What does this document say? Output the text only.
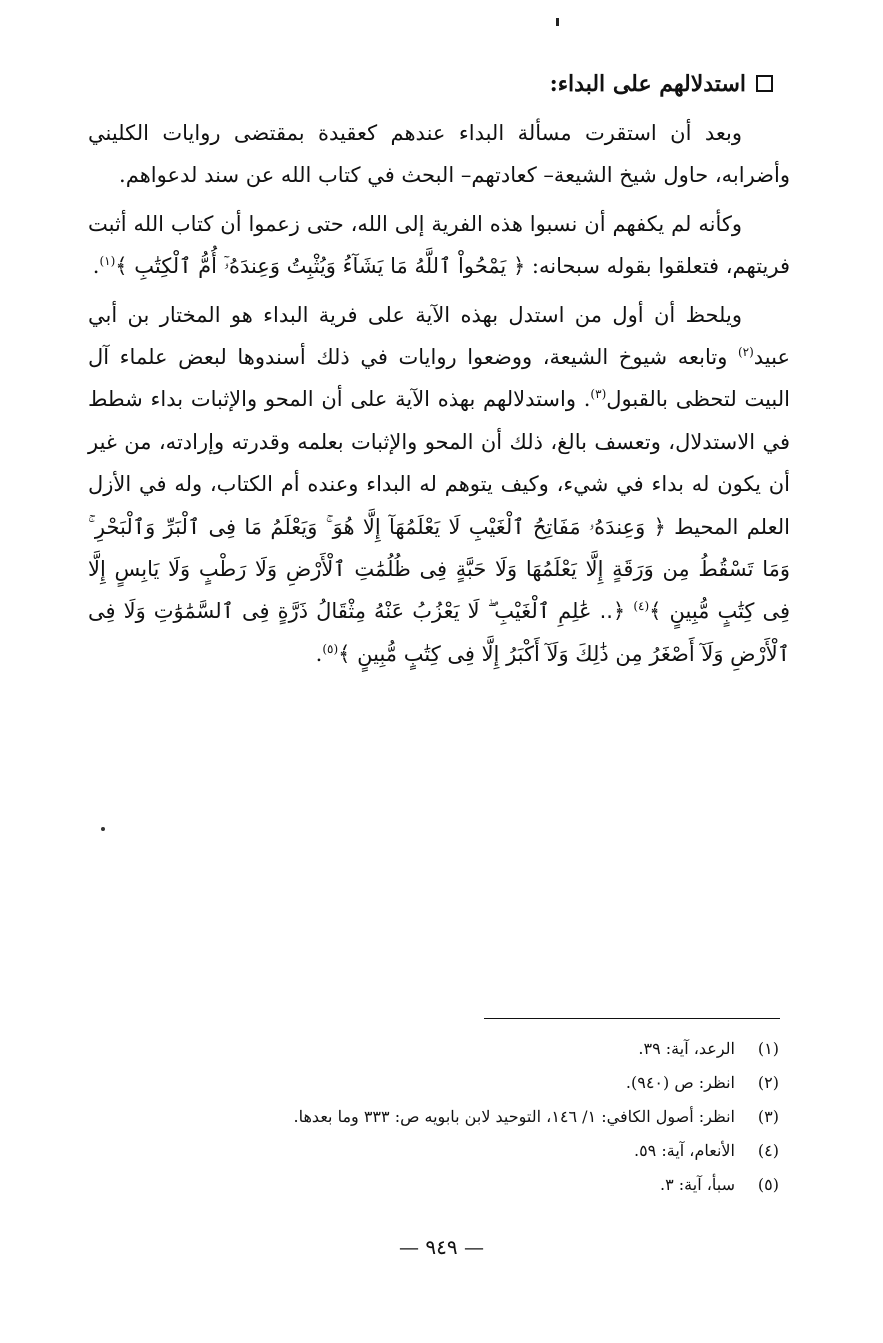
استدلالهم على البداء:

وبعد أن استقرت مسألة البداء عندهم كعقيدة بمقتضى روايات الكليني وأضرابه، حاول شيخ الشيعة– كعادتهم– البحث في كتاب الله عن سند لدعواهم.

وكأنه لم يكفهم أن نسبوا هذه الفرية إلى الله، حتى زعموا أن كتاب الله أثبت فريتهم، فتعلقوا بقوله سبحانه: ﴿ يَمْحُواْ ٱللَّهُ مَا يَشَآءُ وَيُثْبِتُ وَعِندَهُۥٓ أُمُّ ٱلْكِتَٰبِ ﴾$^{(١)}$.

ويلحظ أن أول من استدل بهذه الآية على فرية البداء هو المختار بن أبي عبيد$^{(٢)}$ وتابعه شيوخ الشيعة، ووضعوا روايات في ذلك أسندوها لبعض علماء آل البيت لتحظى بالقبول$^{(٣)}$. واستدلالهم بهذه الآية على أن المحو والإثبات بداء شطط في الاستدلال، وتعسف بالغ، ذلك أن المحو والإثبات بعلمه وقدرته وإرادته، من غير أن يكون له بداء في شيء، وكيف يتوهم له البداء وعنده أم الكتاب، وله في الأزل العلم المحيط ﴿ وَعِندَهُۥ مَفَاتِحُ ٱلْغَيْبِ لَا يَعْلَمُهَآ إِلَّا هُوَ ۚ وَيَعْلَمُ مَا فِى ٱلْبَرِّ وَٱلْبَحْرِ ۚ وَمَا تَسْقُطُ مِن وَرَقَةٍ إِلَّا يَعْلَمُهَا وَلَا حَبَّةٍ فِى ظُلُمَٰتِ ٱلْأَرْضِ وَلَا رَطْبٍ وَلَا يَابِسٍ إِلَّا فِى كِتَٰبٍ مُّبِينٍ ﴾$^{(٤)}$ ﴿.. عَٰلِمِ ٱلْغَيْبِ ۖ لَا يَعْزُبُ عَنْهُ مِثْقَالُ ذَرَّةٍ فِى ٱلسَّمَٰوَٰتِ وَلَا فِى ٱلْأَرْضِ وَلَآ أَصْغَرُ مِن ذَٰلِكَ وَلَآ أَكْبَرُ إِلَّا فِى كِتَٰبٍ مُّبِينٍ ﴾$^{(٥)}$.

(١)الرعد، آية: ٣٩.
(٢)انظر: ص (٩٤٠).
(٣)انظر: أصول الكافي: ١/ ١٤٦، التوحيد لابن بابويه ص: ٣٣٣ وما بعدها.
(٤)الأنعام، آية: ٥٩.
(٥)سبأ، آية: ٣.
— ٩٤٩ —
